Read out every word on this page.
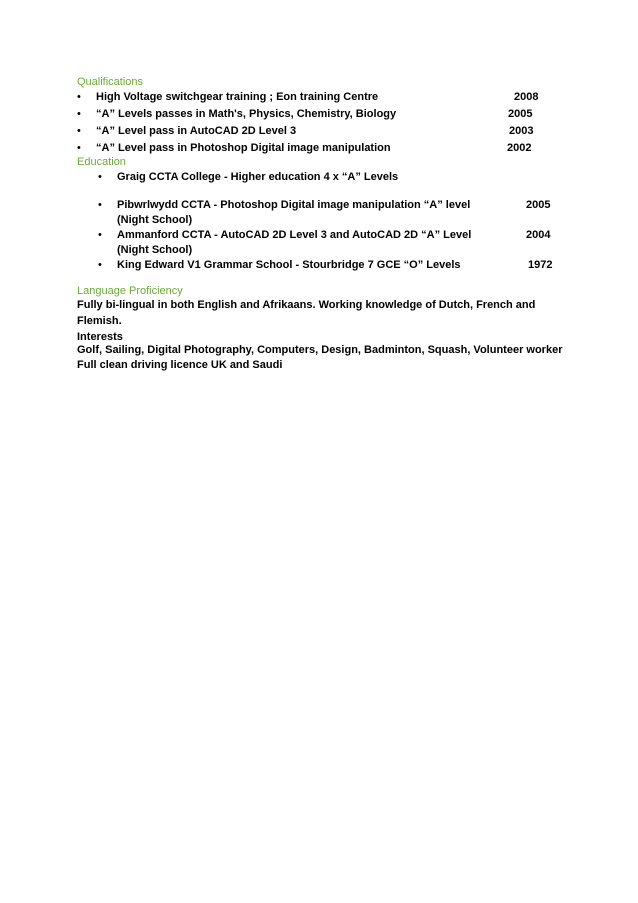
Qualifications
• High Voltage switchgear training ; Eon training Centre	2008
• “A” Levels passes in Math's, Physics, Chemistry, Biology	2005
• “A” Level pass in AutoCAD 2D Level 3	2003
• “A” Level pass in Photoshop Digital image manipulation	2002
Education
• Graig CCTA College - Higher education 4 x “A” Levels
• Pibwrlwydd CCTA - Photoshop Digital image manipulation “A” level	2005
(Night School)
• Ammanford CCTA - AutoCAD 2D Level 3 and AutoCAD 2D “A” Level	2004
(Night School)
• King Edward V1 Grammar School - Stourbridge 7 GCE “O” Levels	1972
Language Proficiency
Fully bi-lingual in both English and Afrikaans. Working knowledge of Dutch, French and
Flemish.
Interests
Golf, Sailing, Digital Photography, Computers, Design, Badminton, Squash, Volunteer worker
Full clean driving licence UK and Saudi
